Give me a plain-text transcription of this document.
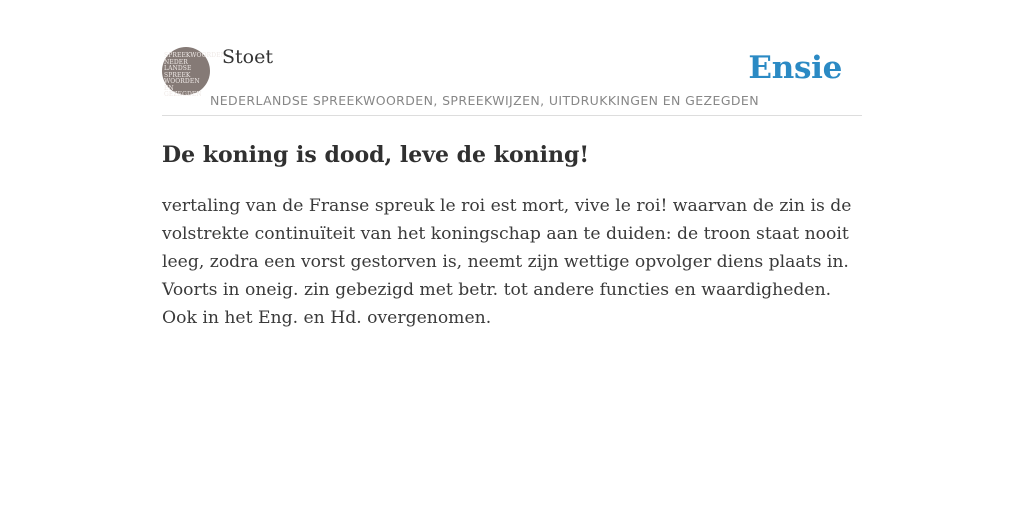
SPREEKWOORDEN
NEDER
LANDSE
SPREEK
WOORDEN EN
GEZEGDEN
Stoet
NEDERLANDSE SPREEKWOORDEN, SPREEKWIJZEN, UITDRUKKINGEN EN GEZEGDEN
Ensie
De koning is dood, leve de koning!

vertaling van de Franse spreuk le roi est mort, vive le roi! waarvan de zin is de volstrekte continuïteit van het koningschap aan te duiden: de troon staat nooit leeg, zodra een vorst gestorven is, neemt zijn wettige opvolger diens plaats in. Voorts in oneig. zin gebezigd met betr. tot andere functies en waardigheden. Ook in het Eng. en Hd. overgenomen.
